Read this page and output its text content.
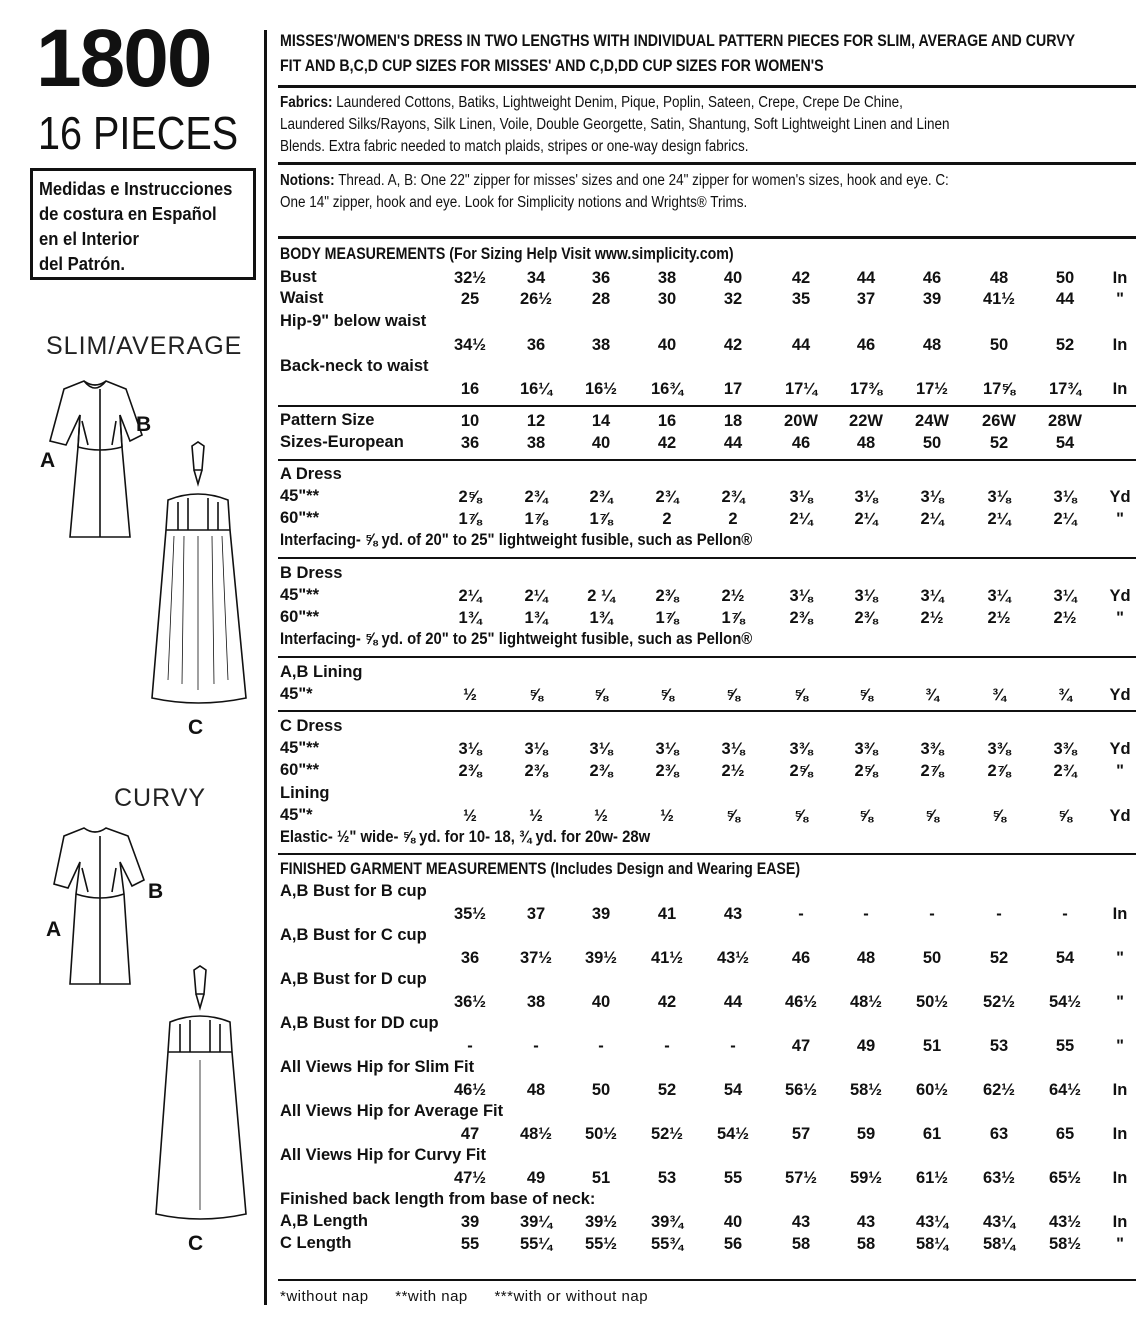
1800
16 PIECES
Medidas e Instrucciones
de costura en Español
en el Interior
del Patrón.
SLIM/AVERAGE
A
B
C
CURVY
A
B
C
MISSES'/WOMEN'S DRESS IN TWO LENGTHS WITH INDIVIDUAL PATTERN PIECES FOR SLIM, AVERAGE AND CURVY
FIT AND B,C,D CUP SIZES FOR MISSES' AND C,D,DD CUP SIZES FOR WOMEN'S
Fabrics: Laundered Cottons, Batiks, Lightweight Denim, Pique, Poplin, Sateen, Crepe, Crepe De Chine,
Laundered Silks/Rayons, Silk Linen, Voile, Double Georgette, Satin, Shantung, Soft Lightweight Linen and Linen
Blends. Extra fabric needed to match plaids, stripes or one-way design fabrics.
Notions: Thread. A, B: One 22" zipper for misses' sizes and one 24" zipper for women's sizes, hook and eye. C:
One 14" zipper, hook and eye. Look for Simplicity notions and Wrights® Trims.
BODY MEASUREMENTS (For Sizing Help Visit www.simplicity.com)
Bust	32½	34	36	38	40	42	44	46	48	50	In
Waist	25	26½	28	30	32	35	37	39	41½	44	"
Hip-9" below waist
34½	36	38	40	42	44	46	48	50	52	In
Back-neck to waist
16	16¼	16½	16¾	17	17¼	17⅜	17½	17⅝	17¾	In
Pattern Size	10	12	14	16	18	20W	22W	24W	26W	28W
Sizes-European	36	38	40	42	44	46	48	50	52	54
A Dress
45"**	2⅝	2¾	2¾	2¾	2¾	3⅛	3⅛	3⅛	3⅛	3⅛	Yd
60"**	1⅞	1⅞	1⅞	2	2	2¼	2¼	2¼	2¼	2¼	"
Interfacing- ⅝ yd. of 20" to 25" lightweight fusible, such as Pellon®
B Dress
45"**	2¼	2¼	2 ¼	2⅜	2½	3⅛	3⅛	3¼	3¼	3¼	Yd
60"**	1¾	1¾	1¾	1⅞	1⅞	2⅜	2⅜	2½	2½	2½	"
Interfacing- ⅝ yd. of 20" to 25" lightweight fusible, such as Pellon®
A,B Lining
45"*	½	⅝	⅝	⅝	⅝	⅝	⅝	¾	¾	¾	Yd
C Dress
45"**	3⅛	3⅛	3⅛	3⅛	3⅛	3⅜	3⅜	3⅜	3⅜	3⅜	Yd
60"**	2⅜	2⅜	2⅜	2⅜	2½	2⅝	2⅝	2⅞	2⅞	2¾	"
Lining
45"*	½	½	½	½	⅝	⅝	⅝	⅝	⅝	⅝	Yd
Elastic- ½" wide- ⅝ yd. for 10- 18, ¾ yd. for 20w- 28w
FINISHED GARMENT MEASUREMENTS (Includes Design and Wearing EASE)
A,B Bust for B cup
35½	37	39	41	43	-	-	-	-	-	In
A,B Bust for C cup
36	37½	39½	41½	43½	46	48	50	52	54	"
A,B Bust for D cup
36½	38	40	42	44	46½	48½	50½	52½	54½	"
A,B Bust for DD cup
-	-	-	-	-	47	49	51	53	55	"
All Views Hip for Slim Fit
46½	48	50	52	54	56½	58½	60½	62½	64½	In
All Views Hip for Average Fit
47	48½	50½	52½	54½	57	59	61	63	65	In
All Views Hip for Curvy Fit
47½	49	51	53	55	57½	59½	61½	63½	65½	In
Finished back length from base of neck:
A,B Length	39	39¼	39½	39¾	40	43	43	43¼	43¼	43½	In
C Length	55	55¼	55½	55¾	56	58	58	58¼	58¼	58½	"
*without nap **with nap ***with or without nap
